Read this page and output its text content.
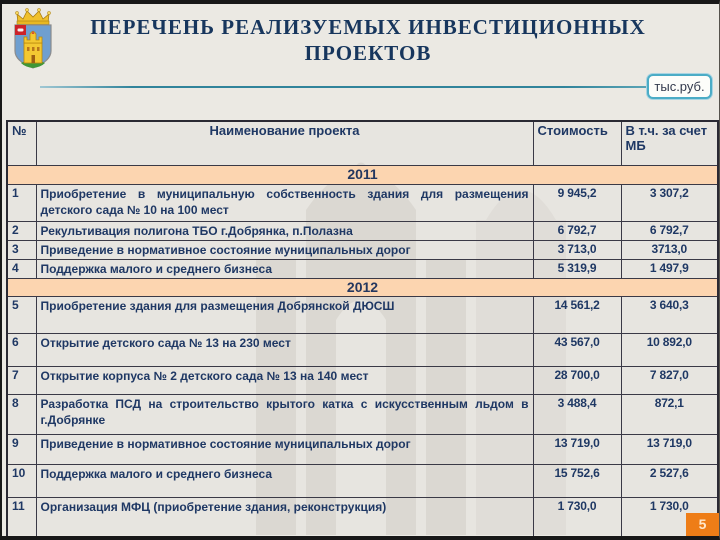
ПЕРЕЧЕНЬ РЕАЛИЗУЕМЫХ ИНВЕСТИЦИОННЫХ
ПРОЕКТОВ
тыс.руб.
№	Наименование проекта	Стоимость	В т.ч. за счет МБ
2011			
1	Приобретение в муниципальную собственность здания для размещения детского сада № 10 на 100 мест	9 945,2	3 307,2
2	Рекультивация полигона ТБО г.Добрянка, п.Полазна	6 792,7	6 792,7
3	Приведение в нормативное состояние муниципальных дорог	3 713,0	3713,0
4	Поддержка малого и среднего бизнеса	5 319,9	1 497,9
2012			
5	Приобретение здания для размещения Добрянской ДЮСШ	14 561,2	3 640,3
6	Открытие детского сада № 13 на 230 мест	43 567,0	10 892,0
7	Открытие корпуса № 2 детского сада № 13 на 140 мест	28 700,0	7 827,0
8	Разработка ПСД на строительство крытого катка с искусственным льдом в г.Добрянке	3 488,4	872,1
9	Приведение в нормативное состояние муниципальных дорог	13 719,0	13 719,0
10	Поддержка малого и среднего бизнеса	15 752,6	2 527,6
11	Организация МФЦ (приобретение здания, реконструкция)	1 730,0	1 730,0
5
